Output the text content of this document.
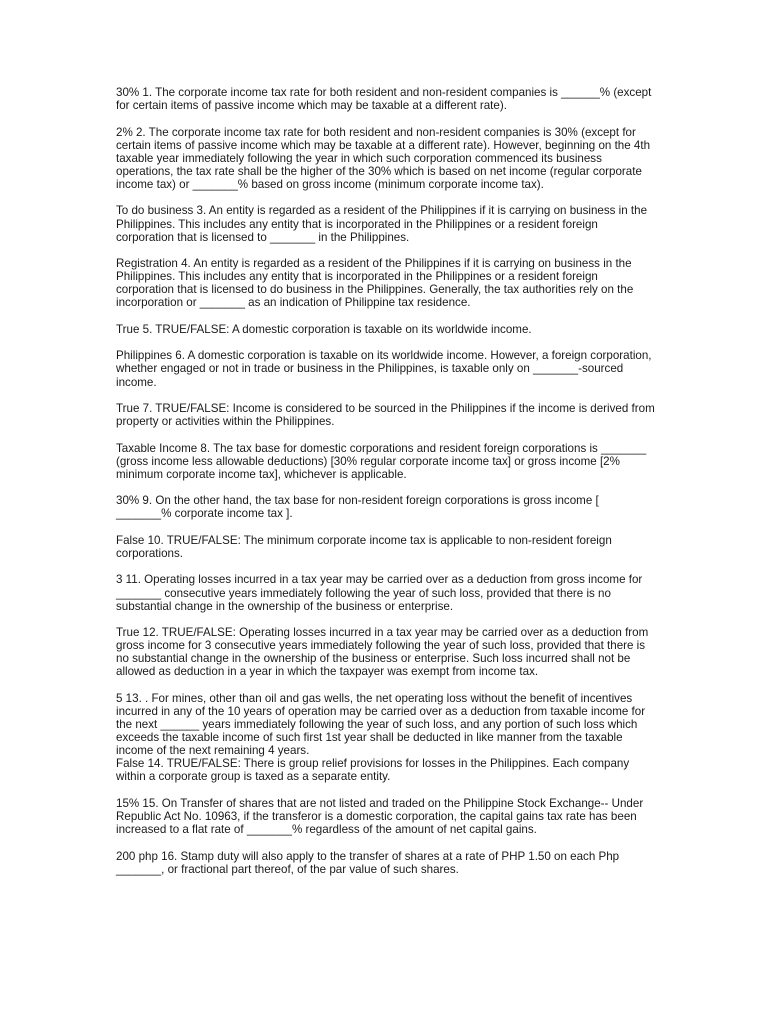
30% 1. The corporate income tax rate for both resident and non-resident companies is ______% (except for certain items of passive income which may be taxable at a different rate).

2% 2. The corporate income tax rate for both resident and non-resident companies is 30% (except for certain items of passive income which may be taxable at a different rate). However, beginning on the 4th taxable year immediately following the year in which such corporation commenced its business operations, the tax rate shall be the higher of the 30% which is based on net income (regular corporate income tax) or _______% based on gross income (minimum corporate income tax).

To do business 3. An entity is regarded as a resident of the Philippines if it is carrying on business in the Philippines. This includes any entity that is incorporated in the Philippines or a resident foreign corporation that is licensed to _______ in the Philippines.

Registration 4. An entity is regarded as a resident of the Philippines if it is carrying on business in the Philippines. This includes any entity that is incorporated in the Philippines or a resident foreign corporation that is licensed to do business in the Philippines. Generally, the tax authorities rely on the incorporation or _______ as an indication of Philippine tax residence.

True 5. TRUE/FALSE: A domestic corporation is taxable on its worldwide income.

Philippines 6. A domestic corporation is taxable on its worldwide income. However, a foreign corporation, whether engaged or not in trade or business in the Philippines, is taxable only on _______-sourced income.

True 7. TRUE/FALSE: Income is considered to be sourced in the Philippines if the income is derived from property or activities within the Philippines.

Taxable Income 8. The tax base for domestic corporations and resident foreign corporations is _______ (gross income less allowable deductions) [30% regular corporate income tax] or gross income [2% minimum corporate income tax], whichever is applicable.

30% 9. On the other hand, the tax base for non-resident foreign corporations is gross income [ _______% corporate income tax ].

False 10. TRUE/FALSE: The minimum corporate income tax is applicable to non-resident foreign corporations.

3 11. Operating losses incurred in a tax year may be carried over as a deduction from gross income for _______ consecutive years immediately following the year of such loss, provided that there is no substantial change in the ownership of the business or enterprise.

True 12. TRUE/FALSE: Operating losses incurred in a tax year may be carried over as a deduction from gross income for 3 consecutive years immediately following the year of such loss, provided that there is no substantial change in the ownership of the business or enterprise. Such loss incurred shall not be allowed as deduction in a year in which the taxpayer was exempt from income tax.

5 13. . For mines, other than oil and gas wells, the net operating loss without the benefit of incentives incurred in any of the 10 years of operation may be carried over as a deduction from taxable income for the next ______ years immediately following the year of such loss, and any portion of such loss which exceeds the taxable income of such first 1st year shall be deducted in like manner from the taxable income of the next remaining 4 years.

False 14. TRUE/FALSE: There is group relief provisions for losses in the Philippines. Each company within a corporate group is taxed as a separate entity.

15% 15. On Transfer of shares that are not listed and traded on the Philippine Stock Exchange-- Under Republic Act No. 10963, if the transferor is a domestic corporation, the capital gains tax rate has been increased to a flat rate of _______% regardless of the amount of net capital gains.

200 php 16. Stamp duty will also apply to the transfer of shares at a rate of PHP 1.50 on each Php _______, or fractional part thereof, of the par value of such shares.
